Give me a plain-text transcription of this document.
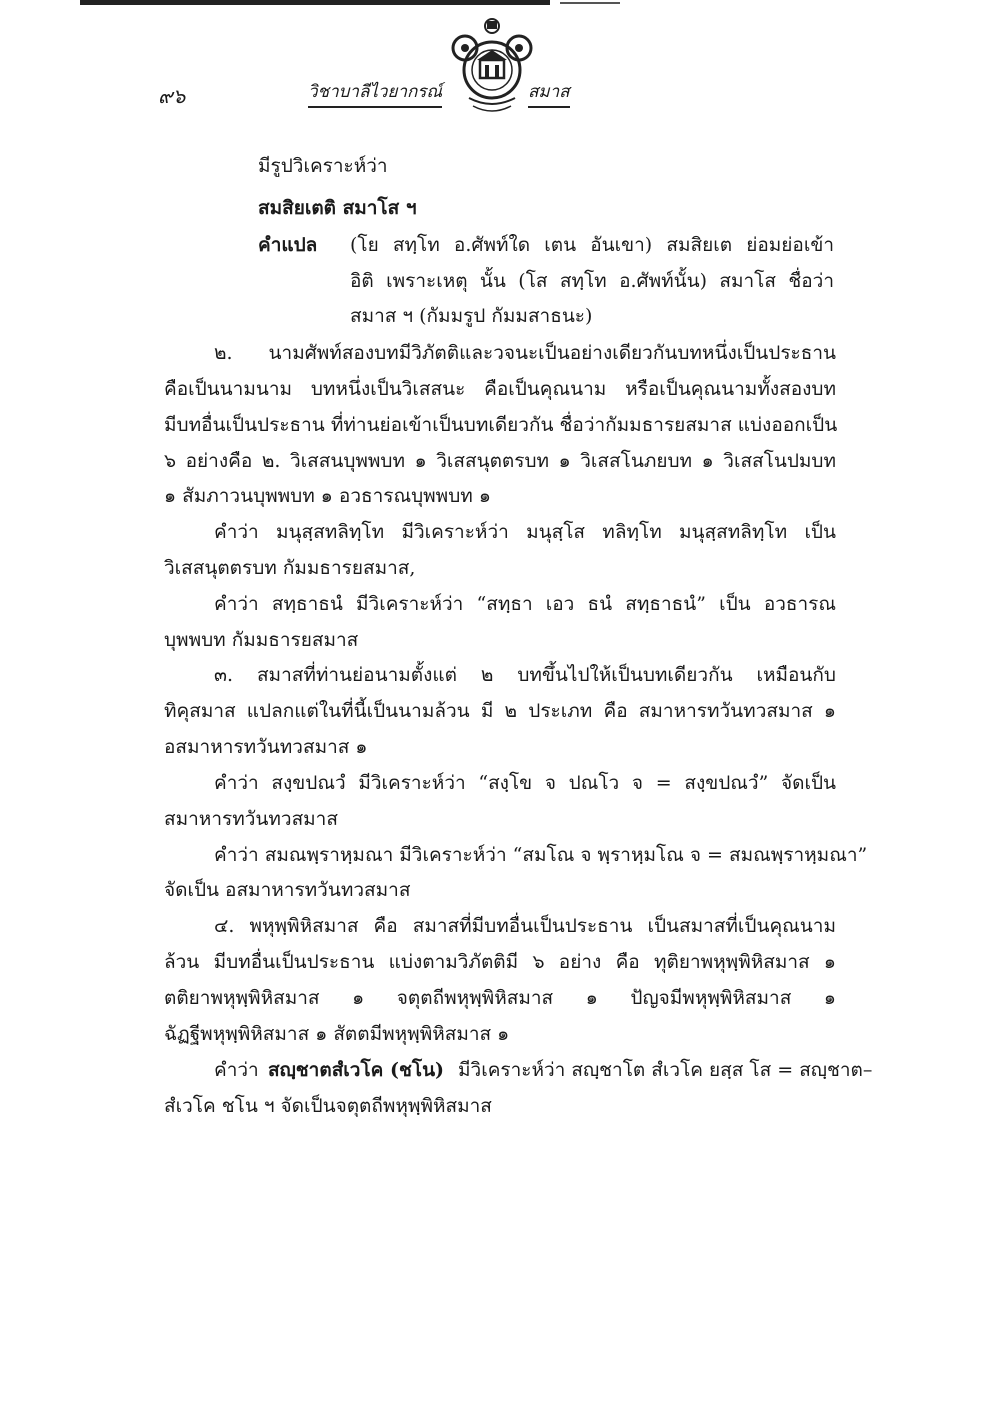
๙๖	วิชาบาลีไวยากรณ์	สมาส
มีรูปวิเคราะห์ว่า
สมสิยเตติ สมาโส ฯ
คำแปล (โย สทฺโท อ.ศัพท์ใด เตน อันเขา) สมสิยเต ย่อมย่อเข้า
อิติ เพราะเหตุ นั้น (โส สทฺโท อ.ศัพท์นั้น) สมาโส ชื่อว่า
สมาส ฯ (กัมมรูป กัมมสาธนะ)
๒. นามศัพท์สองบทมีวิภัตติและวจนะเป็นอย่างเดียวกันบทหนึ่งเป็นประธาน
คือเป็นนามนาม บทหนึ่งเป็นวิเสสนะ คือเป็นคุณนาม หรือเป็นคุณนามทั้งสองบท
มีบทอื่นเป็นประธาน ที่ท่านย่อเข้าเป็นบทเดียวกัน ชื่อว่ากัมมธารยสมาส แบ่งออกเป็น
๖ อย่างคือ ๒. วิเสสนบุพพบท ๑ วิเสสนุตตรบท ๑ วิเสสโนภยบท ๑ วิเสสโนปมบท
๑ สัมภาวนบุพพบท ๑ อวธารณบุพพบท ๑
คำว่า มนุสฺสทลิทฺโท มีวิเคราะห์ว่า มนุสฺโส ทลิทฺโท มนุสฺสทลิทฺโท เป็น
วิเสสนุตตรบท กัมมธารยสมาส,
คำว่า สทฺธาธนํ มีวิเคราะห์ว่า “สทฺธา เอว ธนํ สทฺธาธนํ” เป็น อวธารณ
บุพพบท กัมมธารยสมาส
๓. สมาสที่ท่านย่อนามตั้งแต่ ๒ บทขึ้นไปให้เป็นบทเดียวกัน เหมือนกับ
ทิคุสมาส แปลกแต่ในที่นี้เป็นนามล้วน มี ๒ ประเภท คือ สมาหารทวันทวสมาส ๑
อสมาหารทวันทวสมาส ๑
คำว่า สงฺขปณวํ มีวิเคราะห์ว่า “สงฺโข จ ปณโว จ = สงฺขปณวํ” จัดเป็น
สมาหารทวันทวสมาส
คำว่า สมณพฺราหฺมณา มีวิเคราะห์ว่า “สมโณ จ พฺราหฺมโณ จ = สมณพฺราหฺมณา”
จัดเป็น อสมาหารทวันทวสมาส
๔. พหุพฺพิหิสมาส คือ สมาสที่มีบทอื่นเป็นประธาน เป็นสมาสที่เป็นคุณนาม
ล้วน มีบทอื่นเป็นประธาน แบ่งตามวิภัตติมี ๖ อย่าง คือ ทุติยาพหุพฺพิหิสมาส ๑
ตติยาพหุพฺพิหิสมาส ๑ จตุตถีพหุพฺพิหิสมาส ๑ ปัญจมีพหุพฺพิหิสมาส ๑
ฉัฏฐีพหุพฺพิหิสมาส ๑ สัตตมีพหุพฺพิหิสมาส ๑
คำว่า สญฺชาตสํเวโค (ชโน) มีวิเคราะห์ว่า สญฺชาโต สํเวโค ยสฺส โส = สญฺชาต–
สํเวโค ชโน ฯ จัดเป็นจตุตถีพหุพฺพิหิสมาส
